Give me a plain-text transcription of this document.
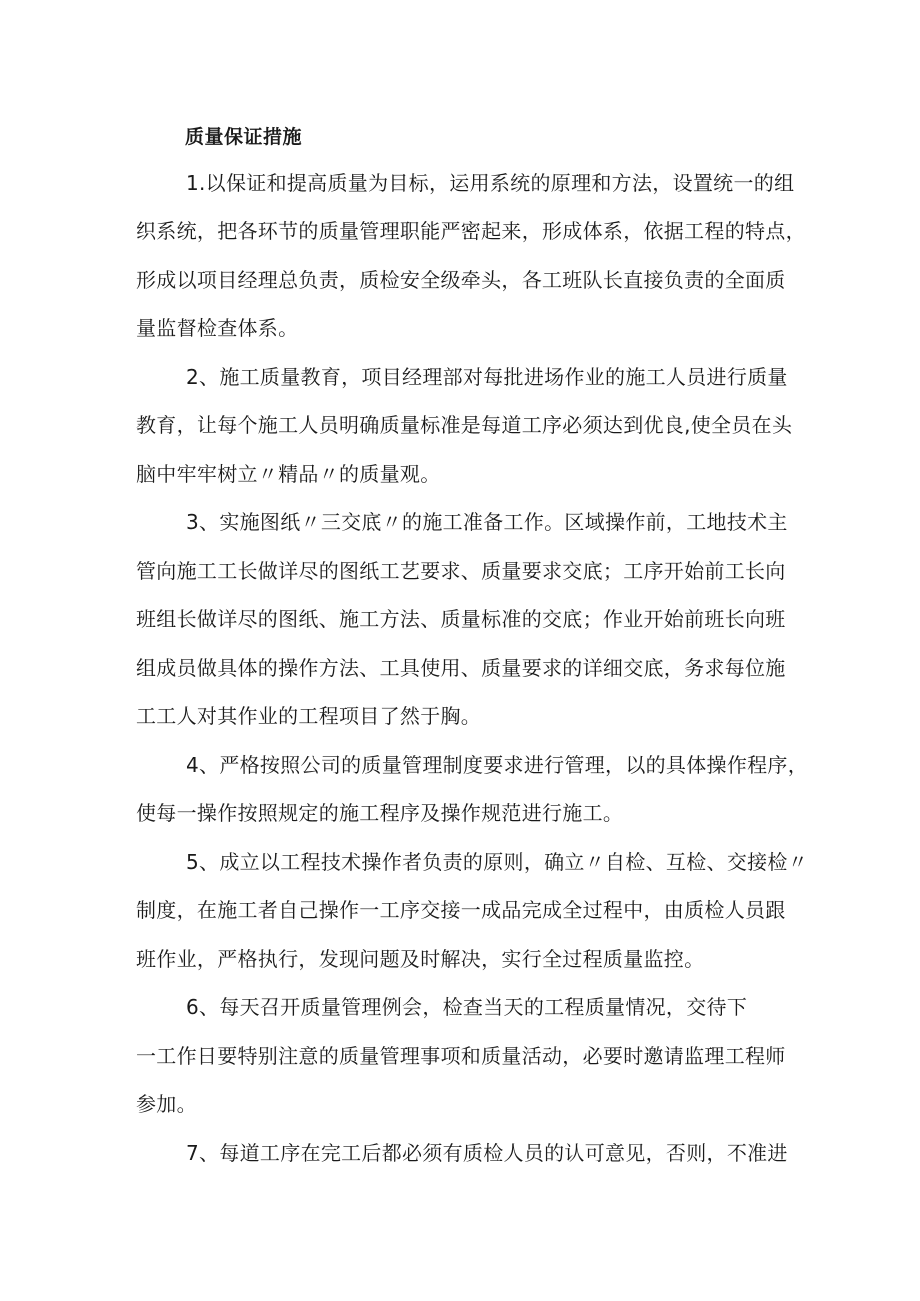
质量保证措施
1.以保证和提高质量为目标，运用系统的原理和方法，设置统一的组
织系统，把各环节的质量管理职能严密起来，形成体系，依据工程的特点，
形成以项目经理总负责，质检安全级牵头，各工班队长直接负责的全面质
量监督检查体系。
2、施工质量教育，项目经理部对每批进场作业的施工人员进行质量
教育，让每个施工人员明确质量标准是每道工序必须达到优良,使全员在头
脑中牢牢树立〃精品〃的质量观。
3、实施图纸〃三交底〃的施工准备工作。区域操作前，工地技术主
管向施工工长做详尽的图纸工艺要求、质量要求交底；工序开始前工长向
班组长做详尽的图纸、施工方法、质量标准的交底；作业开始前班长向班
组成员做具体的操作方法、工具使用、质量要求的详细交底，务求每位施
工工人对其作业的工程项目了然于胸。
4、严格按照公司的质量管理制度要求进行管理，以的具体操作程序，
使每一操作按照规定的施工程序及操作规范进行施工。
5、成立以工程技术操作者负责的原则，确立〃自检、互检、交接检〃
制度，在施工者自己操作一工序交接一成品完成全过程中，由质检人员跟
班作业，严格执行，发现问题及时解决，实行全过程质量监控。
6、每天召开质量管理例会，检查当天的工程质量情况，交待下
一工作日要特别注意的质量管理事项和质量活动，必要时邀请监理工程师
参加。
7、每道工序在完工后都必须有质检人员的认可意见，否则，不准进
